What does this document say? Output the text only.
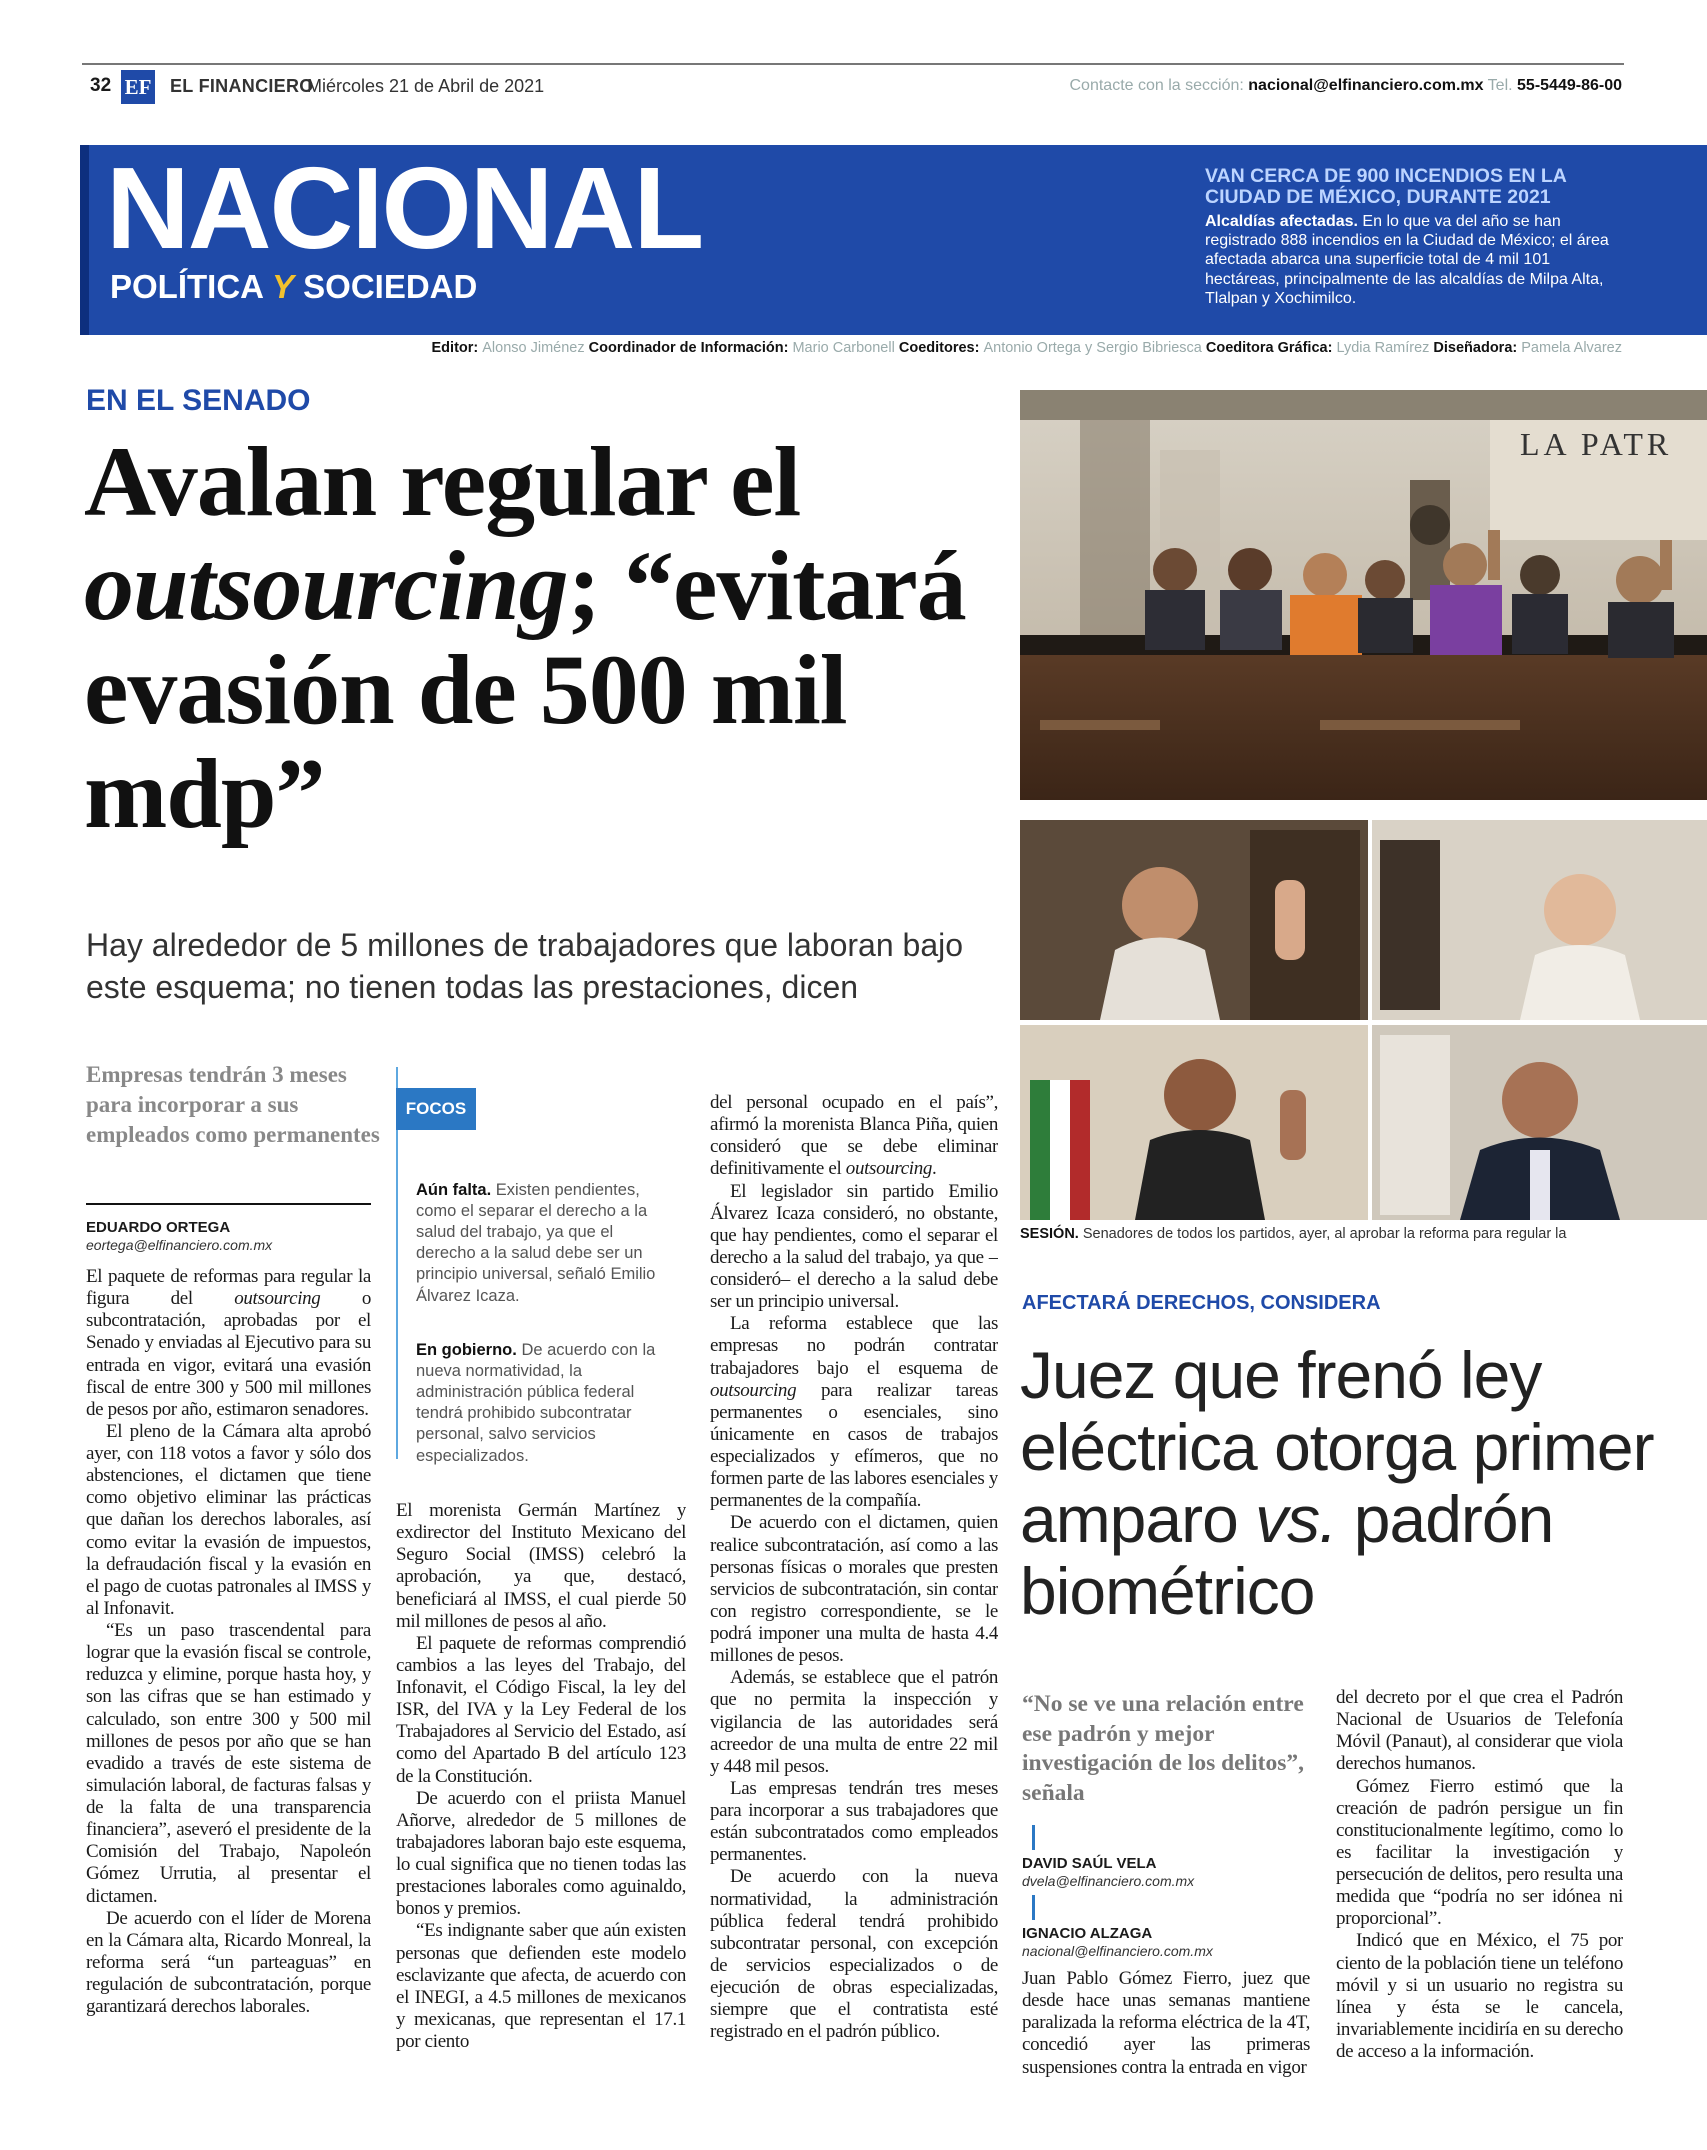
32 EF EL FINANCIERO
Miércoles 21 de Abril de 2021	Contacte con la sección: nacional@elfinanciero.com.mx Tel. 55-5449-86-00
NACIONAL
POLÍTICA Y SOCIEDAD
VAN CERCA DE 900 INCENDIOS EN LA CIUDAD DE MÉXICO, DURANTE 2021
Alcaldías afectadas. En lo que va del año se han registrado 888 incendios en la Ciudad de México; el área afectada abarca una superficie total de 4 mil 101 hectáreas, principalmente de las alcaldías de Milpa Alta, Tlalpan y Xochimilco.
Editor: Alonso Jiménez Coordinador de Información: Mario Carbonell Coeditores: Antonio Ortega y Sergio Bibriesca Coeditora Gráfica: Lydia Ramírez Diseñadora: Pamela Alvarez
EN EL SENADO
Avalan regular el outsourcing; “evitará evasión de 500 mil mdp”
Hay alrededor de 5 millones de trabajadores que laboran bajo este esquema; no tienen todas las prestaciones, dicen
Empresas tendrán 3 meses para incorporar a sus empleados como permanentes
EDUARDO ORTEGA
eortega@elfinanciero.com.mx

El paquete de reformas para regular la figura del outsourcing o subcontratación, aprobadas por el Senado y enviadas al Ejecutivo para su entrada en vigor, evitará una evasión fiscal de entre 300 y 500 mil millones de pesos por año, estimaron senadores.

El pleno de la Cámara alta aprobó ayer, con 118 votos a favor y sólo dos abstenciones, el dictamen que tiene como objetivo eliminar las prácticas que dañan los derechos laborales, así como evitar la evasión de impuestos, la defraudación fiscal y la evasión en el pago de cuotas patronales al IMSS y al Infonavit.

“Es un paso trascendental para lograr que la evasión fiscal se controle, reduzca y elimine, porque hasta hoy, y son las cifras que se han estimado y calculado, son entre 300 y 500 mil millones de pesos por año que se han evadido a través de este sistema de simulación laboral, de facturas falsas y de la falta de una transparencia financiera”, aseveró el presidente de la Comisión del Trabajo, Napoleón Gómez Urrutia, al presentar el dictamen.

De acuerdo con el líder de Morena en la Cámara alta, Ricardo Monreal, la reforma será “un parteaguas” en regulación de subcontratación, porque garantizará derechos laborales.

El morenista Germán Martínez y exdirector del Instituto Mexicano del Seguro Social (IMSS) celebró la aprobación, ya que, destacó, beneficiará al IMSS, el cual pierde 50 mil millones de pesos al año.

El paquete de reformas comprendió cambios a las leyes del Trabajo, del Infonavit, el Código Fiscal, la ley del ISR, del IVA y la Ley Federal de los Trabajadores al Servicio del Estado, así como del Apartado B del artículo 123 de la Constitución.

De acuerdo con el priista Manuel Añorve, alrededor de 5 millones de trabajadores laboran bajo este esquema, lo cual significa que no tienen todas las prestaciones laborales como aguinaldo, bonos y premios.

“Es indignante saber que aún existen personas que defienden este modelo esclavizante que afecta, de acuerdo con el INEGI, a 4.5 millones de mexicanos y mexicanas, que representan el 17.1 por ciento

del personal ocupado en el país”, afirmó la morenista Blanca Piña, quien consideró que se debe eliminar definitivamente el outsourcing.

El legislador sin partido Emilio Álvarez Icaza consideró, no obstante, que hay pendientes, como el separar el derecho a la salud del trabajo, ya que –consideró– el derecho a la salud debe ser un principio universal.

La reforma establece que las empresas no podrán contratar trabajadores bajo el esquema de outsourcing para realizar tareas permanentes o esenciales, sino únicamente en casos de trabajos especializados y efímeros, que no formen parte de las labores esenciales y permanentes de la compañía.

De acuerdo con el dictamen, quien realice subcontratación, así como a las personas físicas o morales que presten servicios de subcontratación, sin contar con registro correspondiente, se le podrá imponer una multa de hasta 4.4 millones de pesos.

Además, se establece que el patrón que no permita la inspección y vigilancia de las autoridades será acreedor de una multa de entre 22 mil y 448 mil pesos.

Las empresas tendrán tres meses para incorporar a sus trabajadores que están subcontratados como empleados permanentes.

De acuerdo con la nueva normatividad, la administración pública federal tendrá prohibido subcontratar personal, con excepción de servicios especializados o de ejecución de obras especializadas, siempre que el contratista esté registrado en el padrón público.

FOCOS
Aún falta. Existen pendientes, como el separar el derecho a la salud del trabajo, ya que el derecho a la salud debe ser un principio universal, señaló Emilio Álvarez Icaza.
En gobierno. De acuerdo con la nueva normatividad, la administración pública federal tendrá prohibido subcontratar personal, salvo servicios especializados.
LA PATR
SESIÓN. Senadores de todos los partidos, ayer, al aprobar la reforma para regular la
AFECTARÁ DERECHOS, CONSIDERA
Juez que frenó ley eléctrica otorga primer amparo vs. padrón biométrico
“No se ve una relación entre ese padrón y mejor investigación de los delitos”, señala
DAVID SAÚL VELA
dvela@elfinanciero.com.mx
IGNACIO ALZAGA
nacional@elfinanciero.com.mx

Juan Pablo Gómez Fierro, juez que desde hace unas semanas mantiene paralizada la reforma eléctrica de la 4T, concedió ayer las primeras suspensiones contra la entrada en vigor

del decreto por el que crea el Padrón Nacional de Usuarios de Telefonía Móvil (Panaut), al considerar que viola derechos humanos.

Gómez Fierro estimó que la creación de padrón persigue un fin constitucionalmente legítimo, como lo es facilitar la investigación y persecución de delitos, pero resulta una medida que “podría no ser idónea ni proporcional”.

Indicó que en México, el 75 por ciento de la población tiene un teléfono móvil y si un usuario no registra su línea y ésta se le cancela, invariablemente incidiría en su derecho de acceso a la información.
